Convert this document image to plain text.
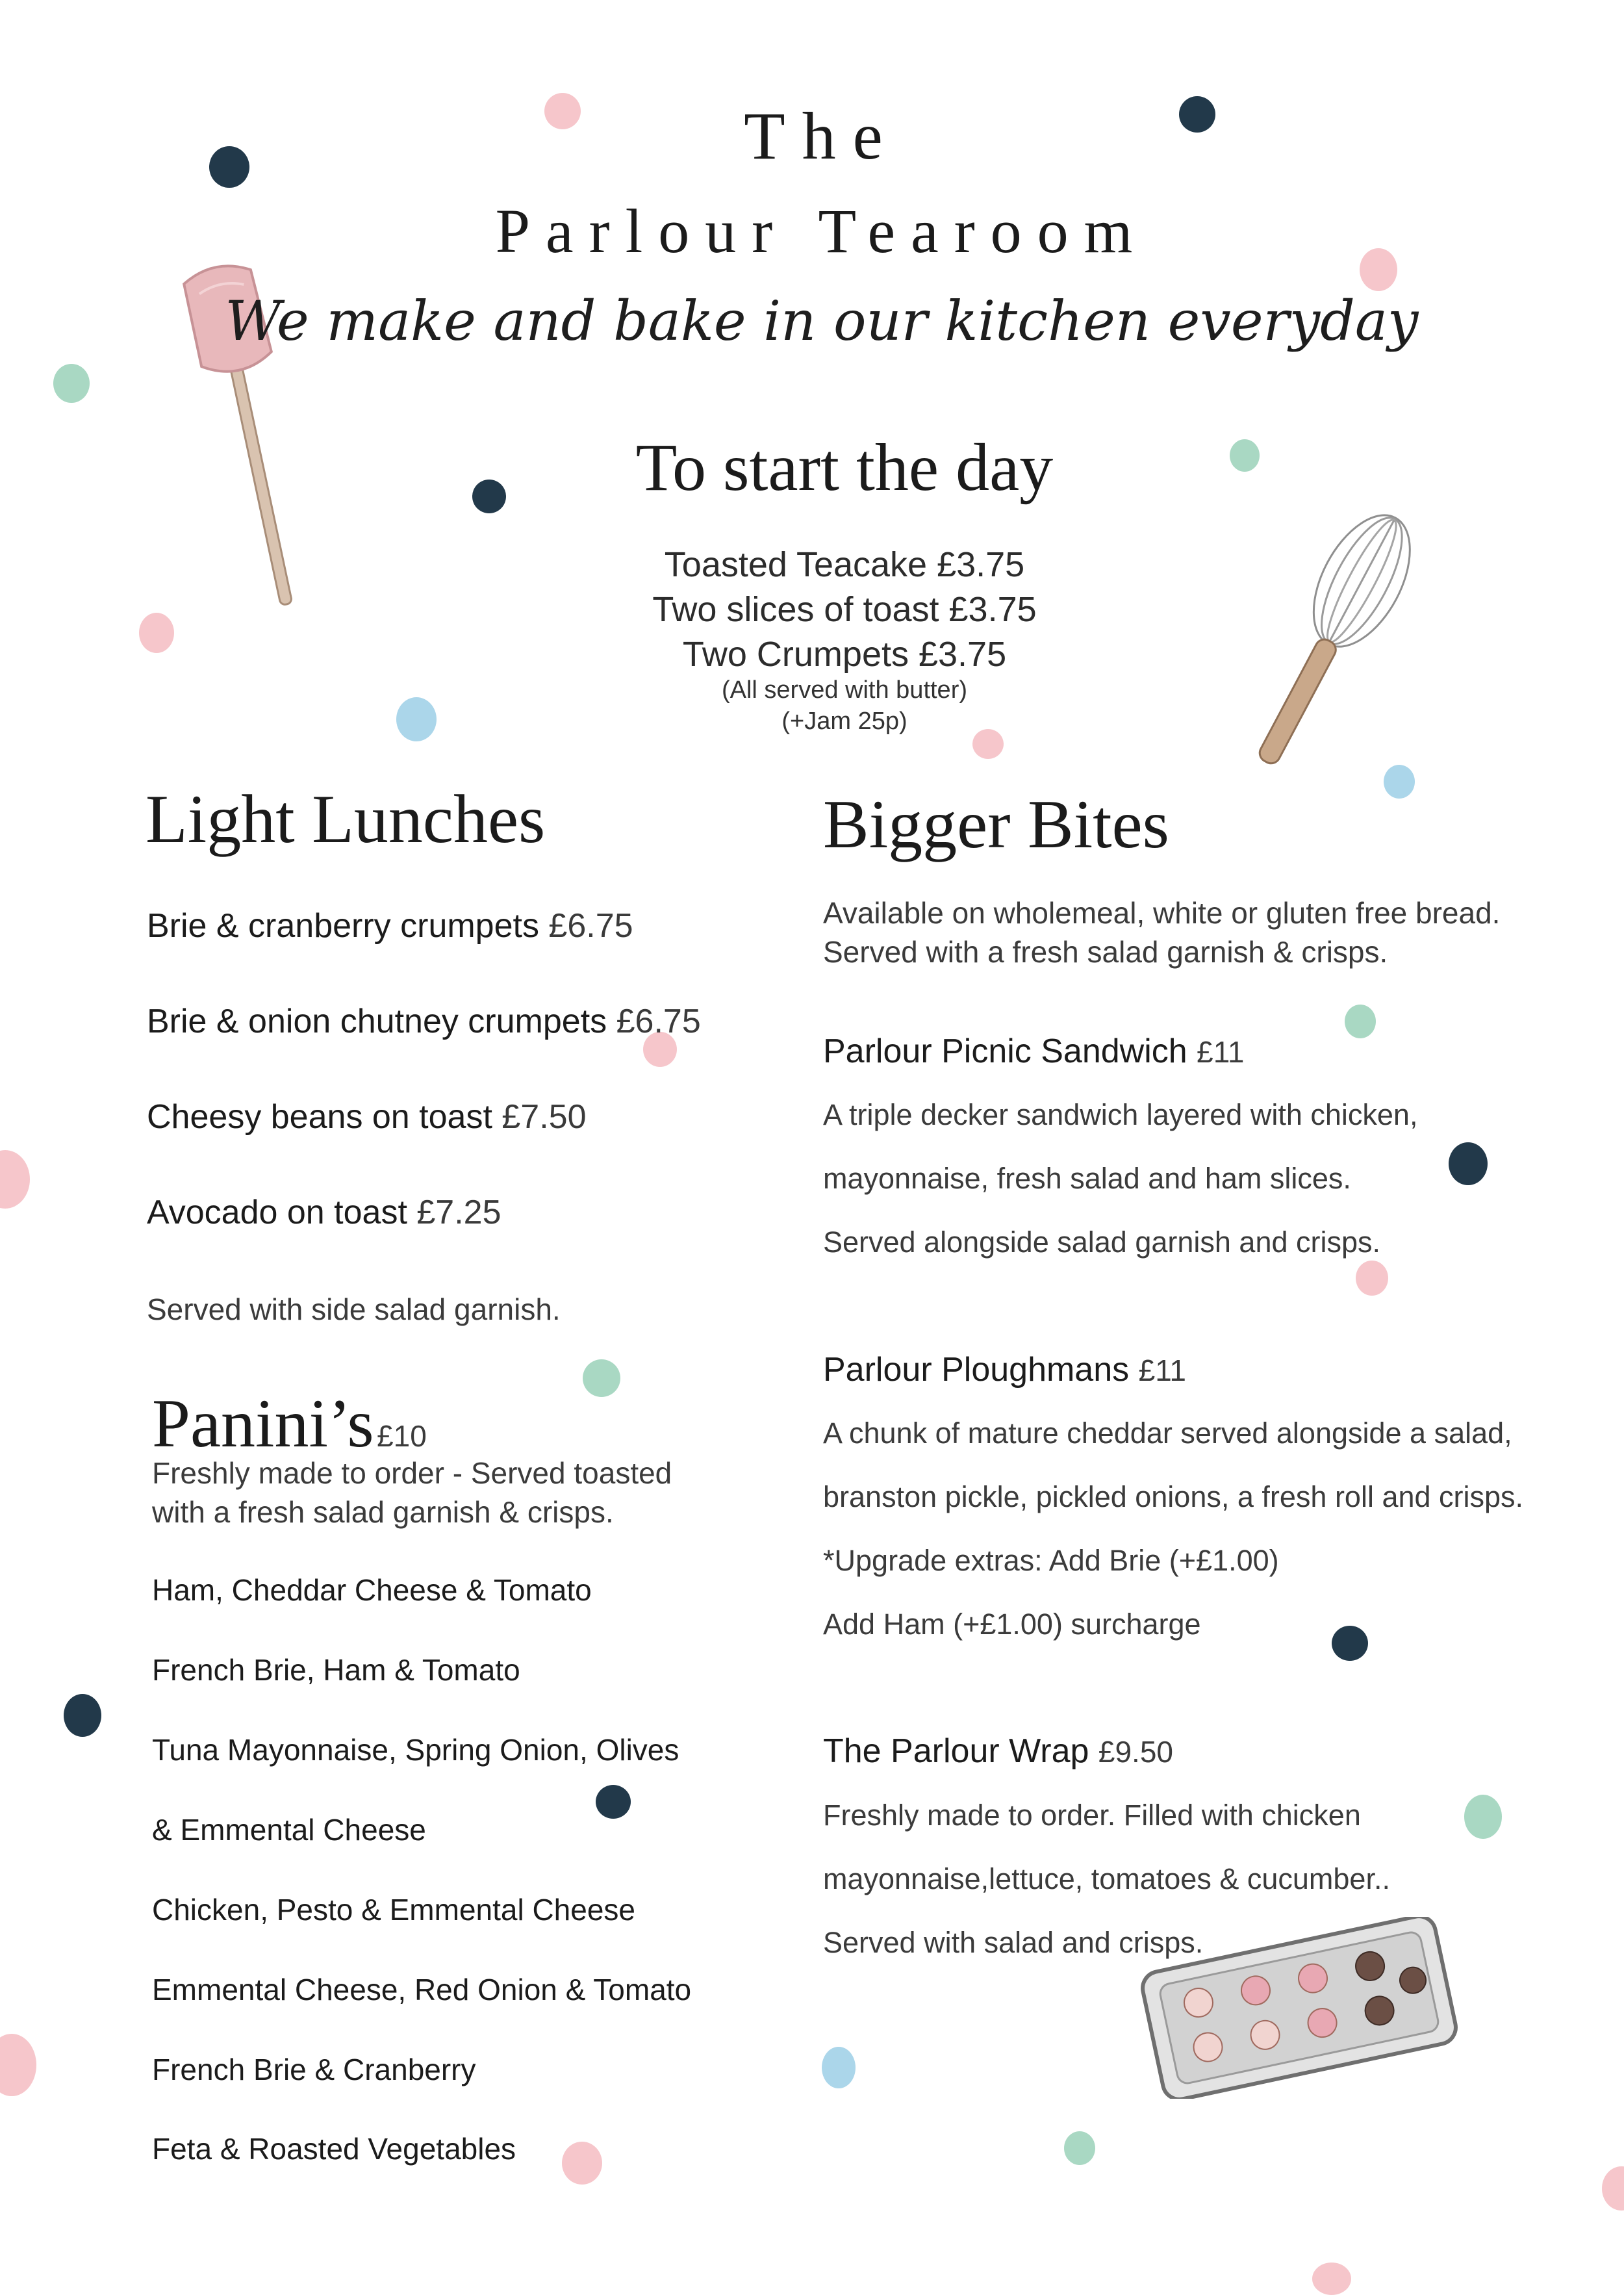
The
Parlour Tearoom
We make and bake in our kitchen everyday
To start the day
Toasted Teacake £3.75
Two slices of toast £3.75
Two Crumpets £3.75
(All served with butter)
(+Jam 25p)
Light Lunches
Brie & cranberry crumpets £6.75
Brie & onion chutney crumpets £6.75
Cheesy beans on toast £7.50
Avocado on toast £7.25
Served with side salad garnish.
Panini’s £10
Freshly made to order - Served toasted
with a fresh salad garnish & crisps.
Ham, Cheddar Cheese & Tomato
French Brie, Ham & Tomato
Tuna Mayonnaise, Spring Onion, Olives
& Emmental Cheese
Chicken, Pesto & Emmental Cheese
Emmental Cheese, Red Onion & Tomato
French Brie & Cranberry
Feta & Roasted Vegetables
Bigger Bites
Available on wholemeal, white or gluten free bread.
Served with a fresh salad garnish & crisps.
Parlour Picnic Sandwich £11
A triple decker sandwich layered with chicken,
mayonnaise, fresh salad and ham slices.
Served alongside salad garnish and crisps.
Parlour Ploughmans £11
A chunk of mature cheddar served alongside a salad,
branston pickle, pickled onions, a fresh roll and crisps.
*Upgrade extras: Add Brie (+£1.00)
Add Ham (+£1.00) surcharge
The Parlour Wrap £9.50
Freshly made to order. Filled with chicken
mayonnaise,lettuce, tomatoes & cucumber..
Served with salad and crisps.
